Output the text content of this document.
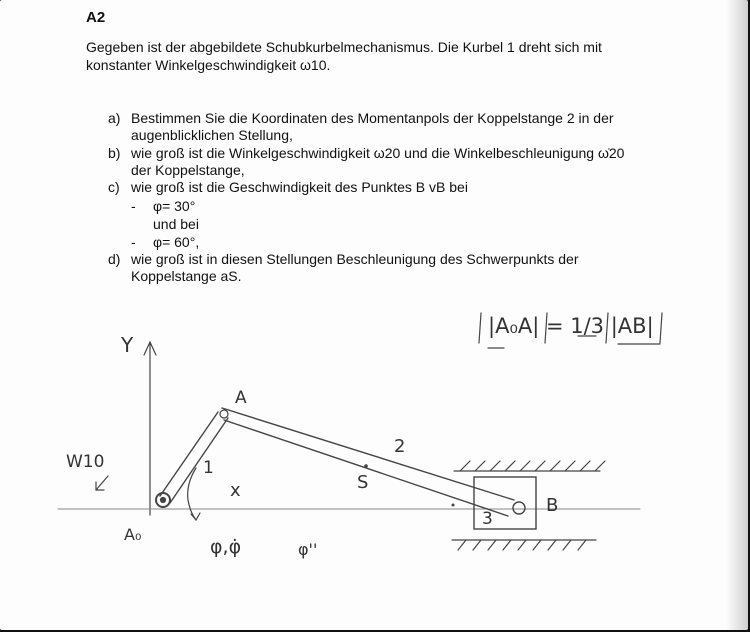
A2
Gegeben ist der abgebildete Schubkurbelmechanismus. Die Kurbel 1 dreht sich mit
konstanter Winkelgeschwindigkeit ω10.
a) Bestimmen Sie die Koordinaten des Momentanpols der Koppelstange 2 in der
augenblicklichen Stellung,
b) wie groß ist die Winkelgeschwindigkeit ω20 und die Winkelbeschleunigung ω̇20
der Koppelstange,
c) wie groß ist die Geschwindigkeit des Punktes B vB bei
- φ= 30°
und bei
- φ= 60°,
d) wie groß ist in diesen Stellungen Beschleunigung des Schwerpunkts der
Koppelstange aS.
|A₀A| = 1/3 |AB|
Y
W10
A
1
2
S
3
B
A₀
x
φ,φ̇	φ''
